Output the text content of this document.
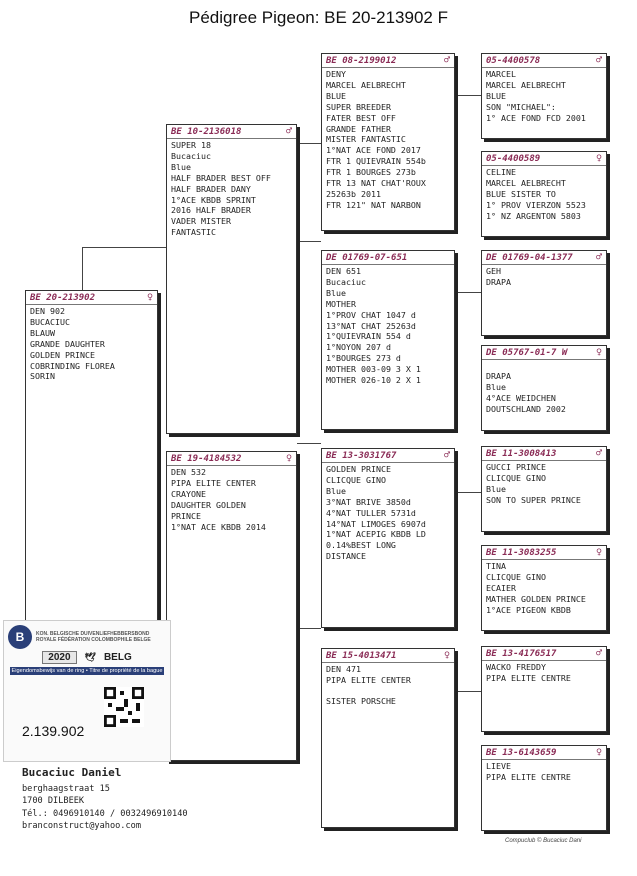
Pédigree Pigeon: BE 20-213902 F
BE 20-213902	♀
DEN 902
BUCACIUC
BLAUW
GRANDE DAUGHTER
GOLDEN PRINCE
COBRINDING FLOREA
SORIN
BE 10-2136018	♂
SUPER 18
Bucaciuc
Blue
HALF BRADER BEST OFF
HALF BRADER DANY
1°ACE KBDB SPRINT
2016 HALF BRADER
VADER MISTER
FANTASTIC
BE 19-4184532	♀
DEN 532
PIPA ELITE CENTER
CRAYONE
DAUGHTER GOLDEN
PRINCE
1°NAT ACE KBDB 2014
BE 08-2199012	♂
DENY
MARCEL AELBRECHT
BLUE
SUPER BREEDER
FATER BEST OFF
GRANDE FATHER
MISTER FANTASTIC
1°NAT ACE FOND 2017
FTR 1 QUIEVRAIN 554b
FTR 1 BOURGES 273b
FTR 13 NAT CHAT'ROUX
25263b 2011
FTR 121" NAT NARBON
DE 01769-07-651
DEN 651
Bucaciuc
Blue
MOTHER
1°PROV CHAT 1047 d
13°NAT CHAT 25263d
1°QUIEVRAIN 554 d
1°NOYON 207 d
1°BOURGES 273 d
MOTHER 003-09 3 X 1
MOTHER 026-10 2 X 1
BE 13-3031767	♂
GOLDEN PRINCE
CLICQUE GINO
Blue
3°NAT BRIVE 3850d
4°NAT TULLER 5731d
14°NAT LIMOGES 6907d
1°NAT ACEPIG KBDB LD
0.14%BEST LONG
DISTANCE
BE 15-4013471	♀
DEN 471
PIPA ELITE CENTER
SISTER PORSCHE
05-4400578	♂
MARCEL
MARCEL AELBRECHT
BLUE
SON "MICHAEL":
1° ACE FOND FCD 2001
05-4400589	♀
CELINE
MARCEL AELBRECHT
BLUE SISTER TO
1° PROV VIERZON 5523
1° NZ ARGENTON 5803
DE 01769-04-1377 ♂
GEH
DRAPA
DE 05767-01-7 W	♀
DRAPA
Blue
4°ACE WEIDCHEN
DOUTSCHLAND 2002
BE 11-3008413	♂
GUCCI PRINCE
CLICQUE GINO
Blue
SON TO SUPER PRINCE
BE 11-3083255	♀
TINA
CLICQUE GINO
ECAIER
MATHER GOLDEN PRINCE
1°ACE PIGEON KBDB
BE 13-4176517	♂
WACKO FREDDY
PIPA ELITE CENTRE
BE 13-6143659	♀
LIEVE
PIPA ELITE CENTRE
B	KON. BELGISCHE DUIVENLIEFHEBBERSBOND
ROYALE FÉDÉRATION COLOMBOPHILE BELGE
2020	🕊 BELG
Eigendomsbewijs van de ring • Titre de propriété de la bague
2.139.902
Bucaciuc Daniel
berghaagstraat 15
1700 DILBEEK
Tél.: 0496910140 / 0032496910140
branconstruct@yahoo.com
Compuclub © Bucaciuc Dani
